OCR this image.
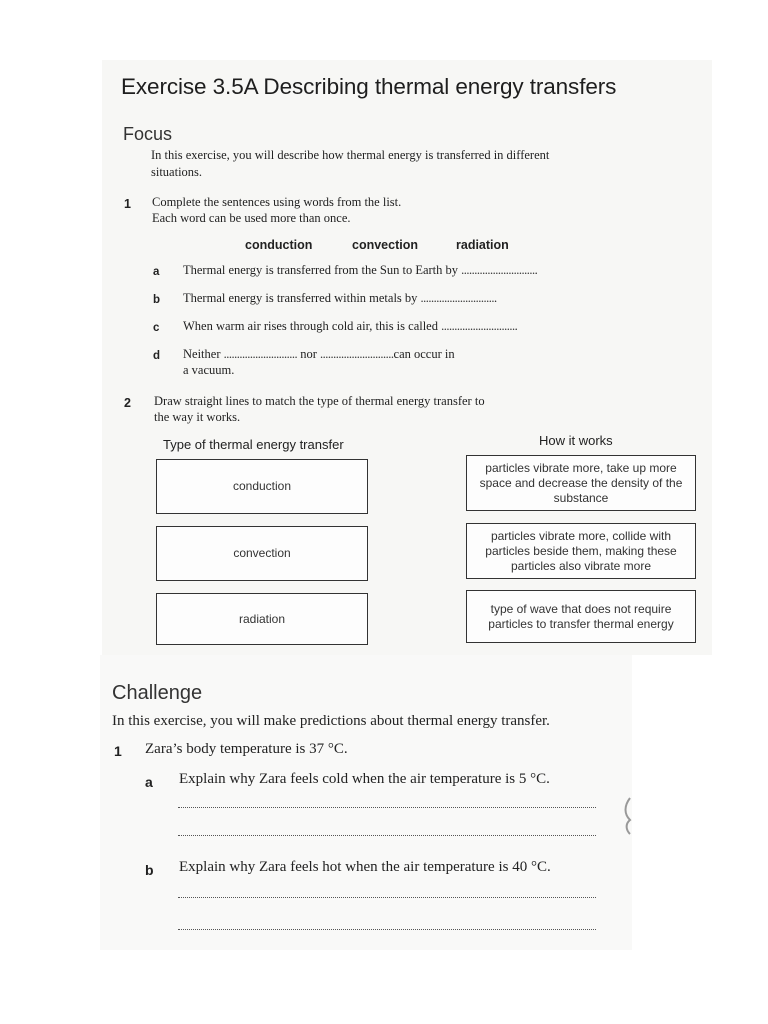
Exercise 3.5A Describing thermal energy transfers
Focus
In this exercise, you will describe how thermal energy is transferred in different situations.
1 Complete the sentences using words from the list.
Each word can be used more than once.
conduction	convection	radiation
a Thermal energy is transferred from the Sun to Earth by .............................
b Thermal energy is transferred within metals by .............................
c When warm air rises through cold air, this is called .............................
d Neither ............................ nor ............................can occur in
a vacuum.
2 Draw straight lines to match the type of thermal energy transfer to
the way it works.
Type of thermal energy transfer	How it works
conduction
convection
radiation
particles vibrate more, take up more space and decrease the density of the substance
particles vibrate more, collide with particles beside them, making these particles also vibrate more
type of wave that does not require particles to transfer thermal energy
Challenge
In this exercise, you will make predictions about thermal energy transfer.
1 Zara’s body temperature is 37 °C.
a Explain why Zara feels cold when the air temperature is 5 °C.
b Explain why Zara feels hot when the air temperature is 40 °C.
